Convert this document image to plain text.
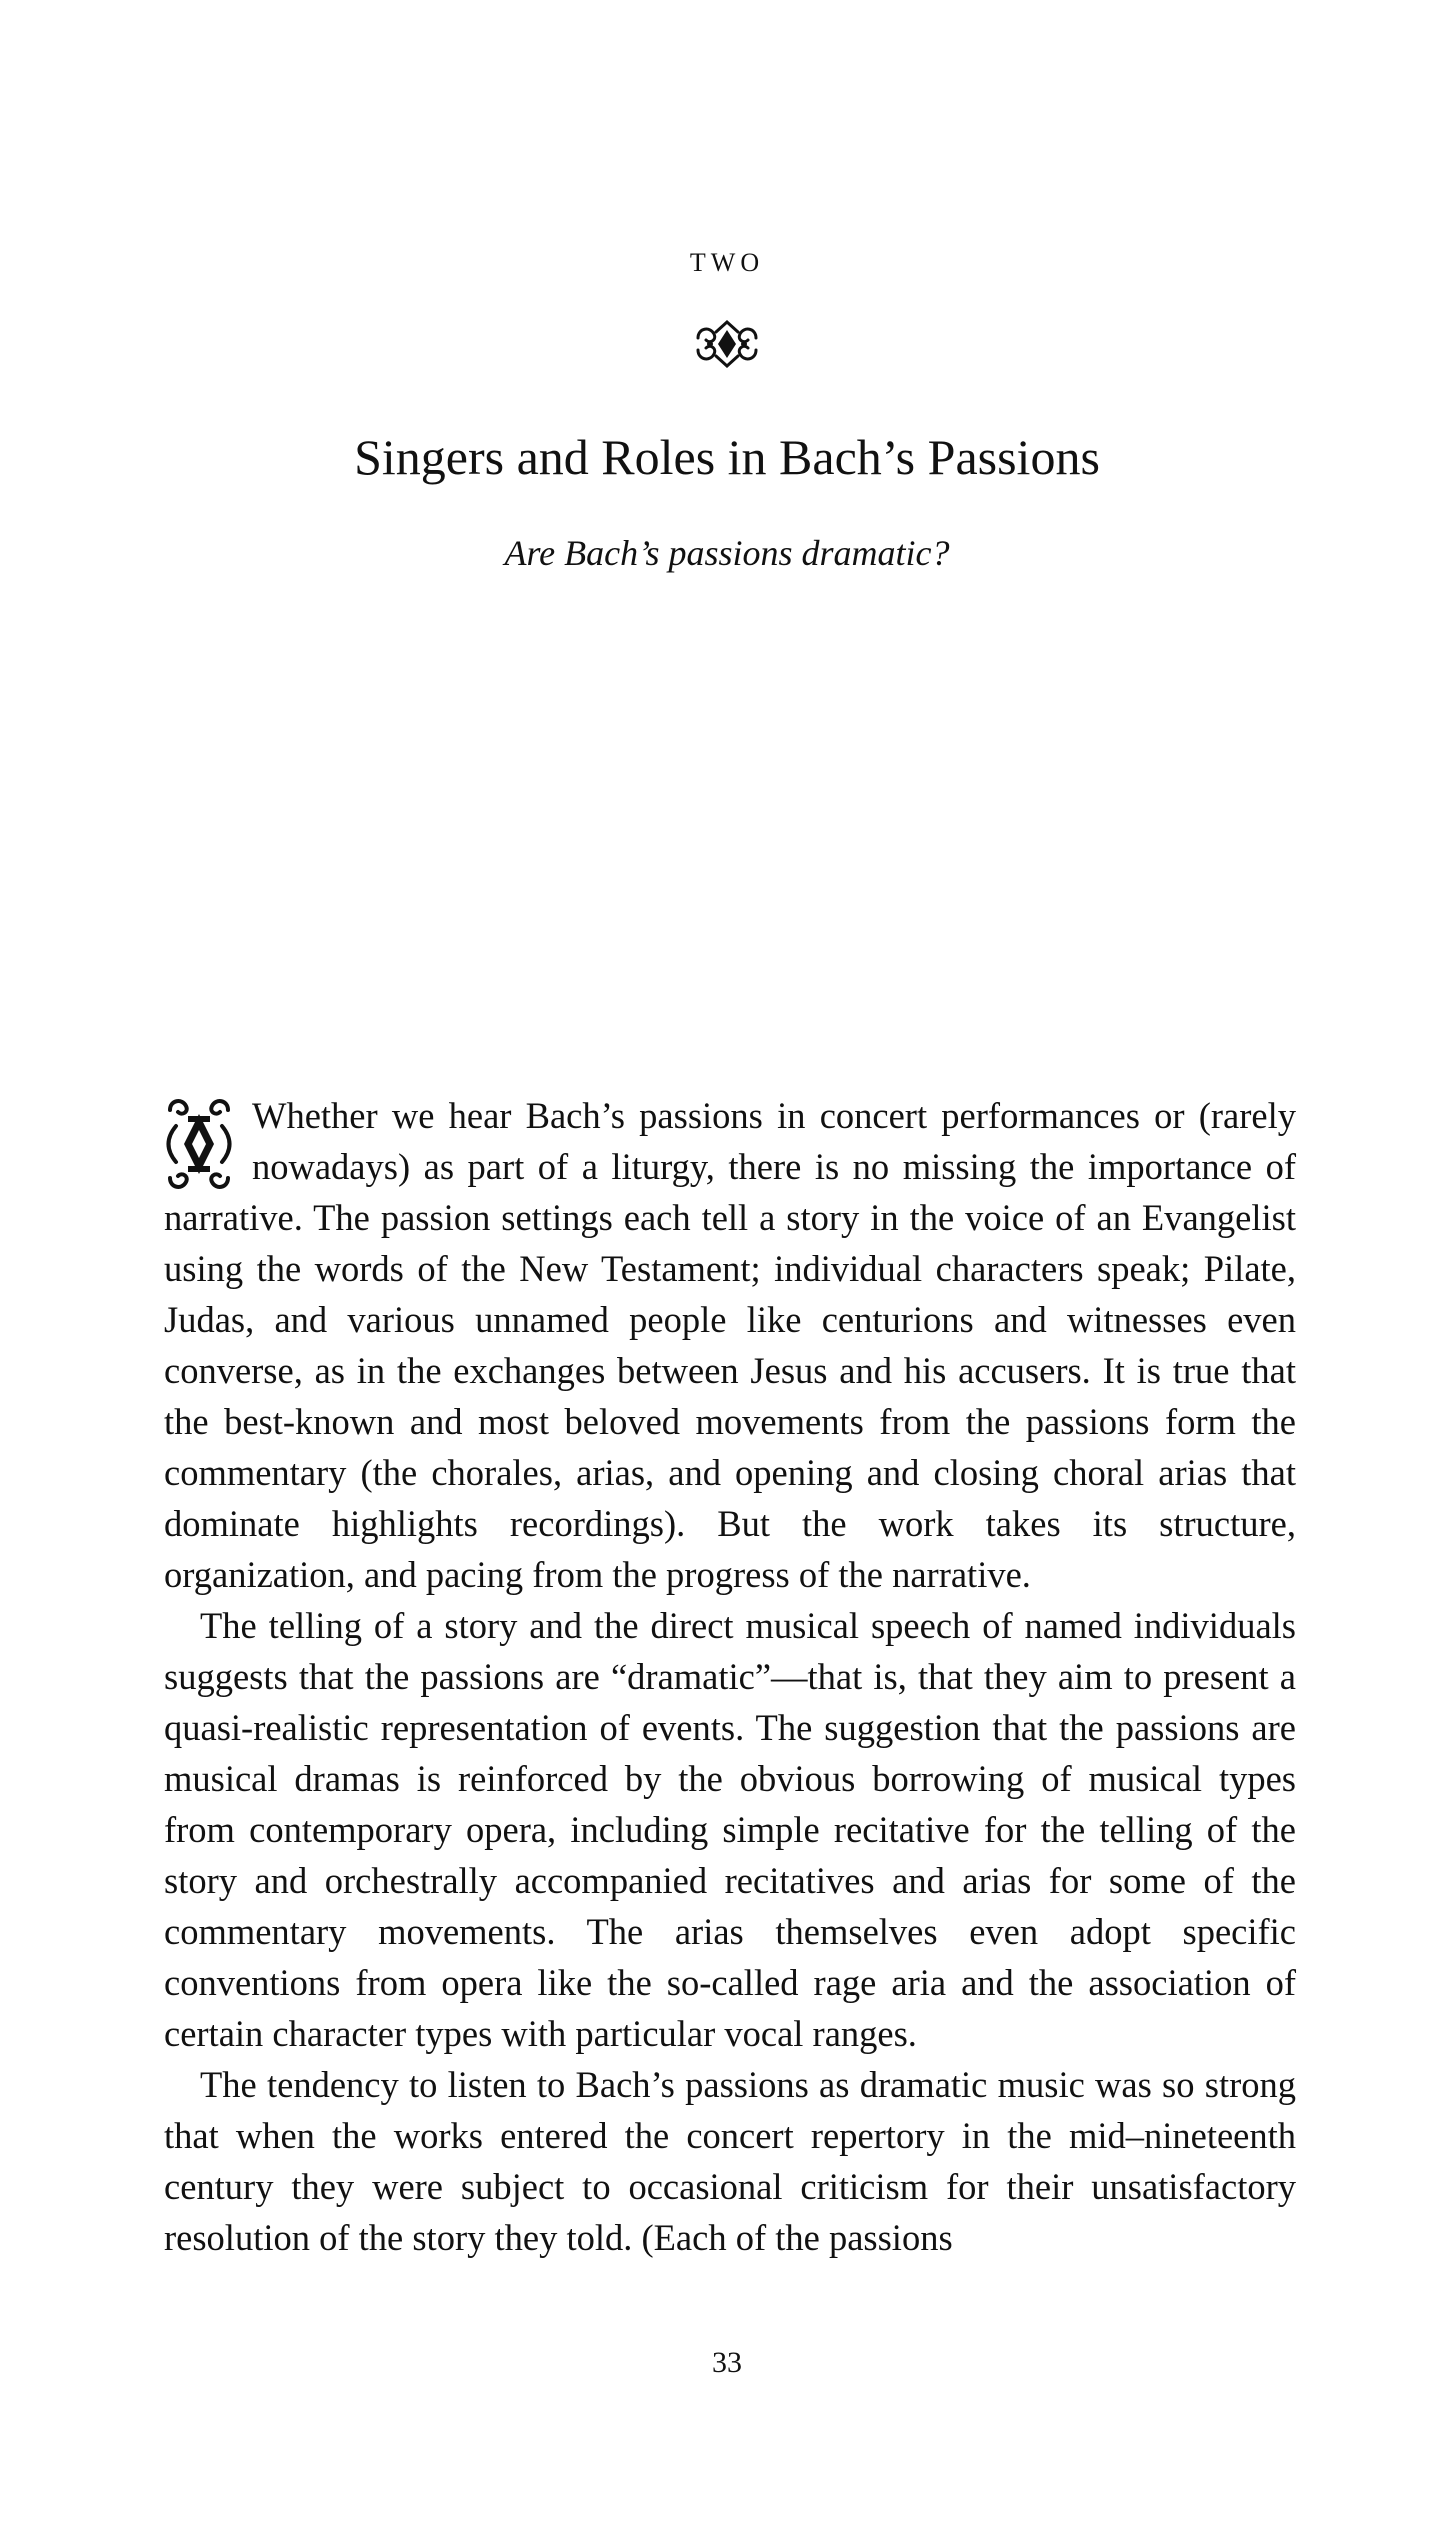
TWO
Singers and Roles in Bach’s Passions
Are Bach’s passions dramatic?

Whether we hear Bach’s passions in concert performances or (rarely nowadays) as part of a liturgy, there is no missing the importance of narrative. The passion settings each tell a story in the voice of an Evangelist using the words of the New Testament; individual characters speak; Pilate, Judas, and various unnamed people like centurions and witnesses even converse, as in the exchanges between Jesus and his accusers. It is true that the best-known and most beloved movements from the passions form the commentary (the chorales, arias, and opening and closing choral arias that dominate highlights recordings). But the work takes its structure, organization, and pacing from the progress of the narrative.

The telling of a story and the direct musical speech of named individuals suggests that the passions are “dramatic”—that is, that they aim to present a quasi-realistic representation of events. The suggestion that the passions are musical dramas is reinforced by the obvious borrowing of musical types from contemporary opera, including simple recitative for the telling of the story and orchestrally accompanied recitatives and arias for some of the commentary movements. The arias themselves even adopt specific conventions from opera like the so-called rage aria and the association of certain character types with particular vocal ranges.

The tendency to listen to Bach’s passions as dramatic music was so strong that when the works entered the concert repertory in the mid–nineteenth century they were subject to occasional criticism for their unsatisfactory resolution of the story they told. (Each of the passions

33
